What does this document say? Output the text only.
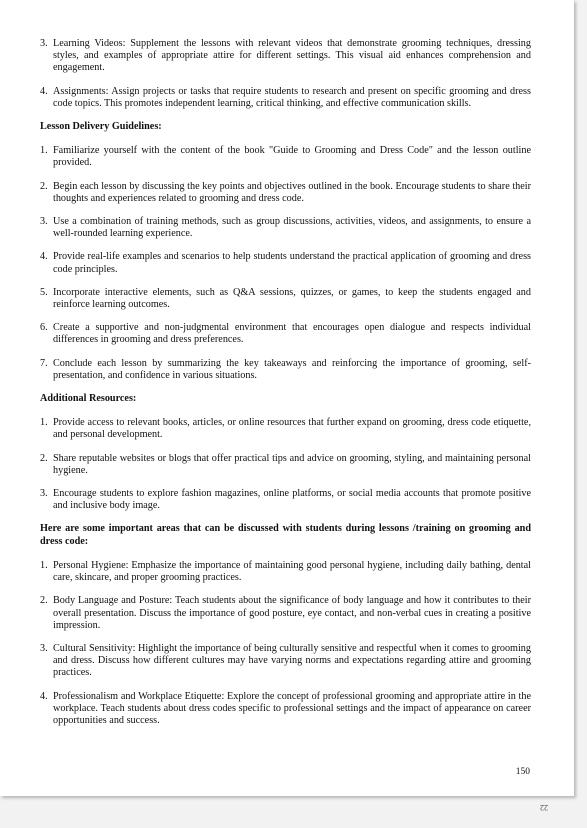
3. Learning Videos: Supplement the lessons with relevant videos that demonstrate grooming techniques, dressing styles, and examples of appropriate attire for different settings. This visual aid enhances comprehension and engagement.
4. Assignments: Assign projects or tasks that require students to research and present on specific grooming and dress code topics. This promotes independent learning, critical thinking, and effective communication skills.
Lesson Delivery Guidelines:
1. Familiarize yourself with the content of the book "Guide to Grooming and Dress Code" and the lesson outline provided.
2. Begin each lesson by discussing the key points and objectives outlined in the book. Encourage students to share their thoughts and experiences related to grooming and dress code.
3. Use a combination of training methods, such as group discussions, activities, videos, and assignments, to ensure a well-rounded learning experience.
4. Provide real-life examples and scenarios to help students understand the practical application of grooming and dress code principles.
5. Incorporate interactive elements, such as Q&A sessions, quizzes, or games, to keep the students engaged and reinforce learning outcomes.
6. Create a supportive and non-judgmental environment that encourages open dialogue and respects individual differences in grooming and dress preferences.
7. Conclude each lesson by summarizing the key takeaways and reinforcing the importance of grooming, self-presentation, and confidence in various situations.
Additional Resources:
1. Provide access to relevant books, articles, or online resources that further expand on grooming, dress code etiquette, and personal development.
2. Share reputable websites or blogs that offer practical tips and advice on grooming, styling, and maintaining personal hygiene.
3. Encourage students to explore fashion magazines, online platforms, or social media accounts that promote positive and inclusive body image.
Here are some important areas that can be discussed with students during lessons /training on grooming and dress code:
1. Personal Hygiene: Emphasize the importance of maintaining good personal hygiene, including daily bathing, dental care, skincare, and proper grooming practices.
2. Body Language and Posture: Teach students about the significance of body language and how it contributes to their overall presentation. Discuss the importance of good posture, eye contact, and non-verbal cues in creating a positive impression.
3. Cultural Sensitivity: Highlight the importance of being culturally sensitive and respectful when it comes to grooming and dress. Discuss how different cultures may have varying norms and expectations regarding attire and grooming practices.
4. Professionalism and Workplace Etiquette: Explore the concept of professional grooming and appropriate attire in the workplace. Teach students about dress codes specific to professional settings and the impact of appearance on career opportunities and success.
150
22
